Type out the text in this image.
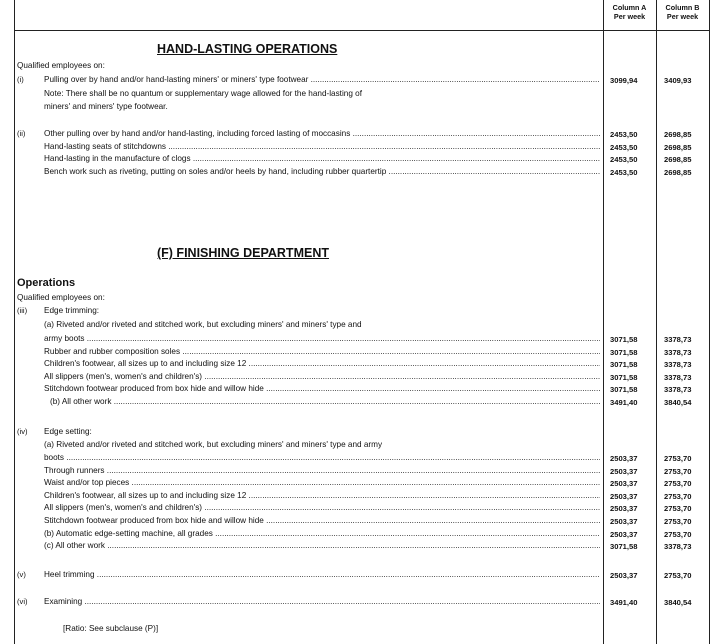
Column A
Per week
Column B
Per week
HAND-LASTING OPERATIONS
Qualified employees on:
(i) Pulling over by hand and/or hand-lasting miners' or miners' type footwear .....	3099,94	3409,93
Note: There shall be no quantum or supplementary wage allowed for the hand-lasting of
miners' and miners' type footwear.
(ii) Other pulling over by hand and/or hand-lasting, including forced lasting of moccasins .....	2453,50	2698,85
Hand-lasting seats of stitchdowns .....	2453,50	2698,85
Hand-lasting in the manufacture of clogs .....	2453,50	2698,85
Bench work such as riveting, putting on soles and/or heels by hand, including rubber quartertip .....	2453,50	2698,85
(F) FINISHING DEPARTMENT
Operations
Qualified employees on:
(iii) Edge trimming:
(a) Riveted and/or riveted and stitched work, but excluding miners' and miners' type and
army boots .....	3071,58	3378,73
Rubber and rubber composition soles .....	3071,58	3378,73
Children's footwear, all sizes up to and including size 12 .....	3071,58	3378,73
All slippers (men's, women's and children's) .....	3071,58	3378,73
Stitchdown footwear produced from box hide and willow hide .....	3071,58	3378,73
(b) All other work .....	3491,40	3840,54
(iv) Edge setting:
(a) Riveted and/or riveted and stitched work, but excluding miners' and miners' type and army
boots .....	2503,37	2753,70
Through runners .....	2503,37	2753,70
Waist and/or top pieces .....	2503,37	2753,70
Children's footwear, all sizes up to and including size 12 .....	2503,37	2753,70
All slippers (men's, women's and children's) .....	2503,37	2753,70
Stitchdown footwear produced from box hide and willow hide .....	2503,37	2753,70
(b) Automatic edge-setting machine, all grades .....	2503,37	2753,70
(c) All other work .....	3071,58	3378,73
(v) Heel trimming .....	2503,37	2753,70
(vi) Examining .....	3491,40	3840,54
[Ratio: See subclause (P)]
